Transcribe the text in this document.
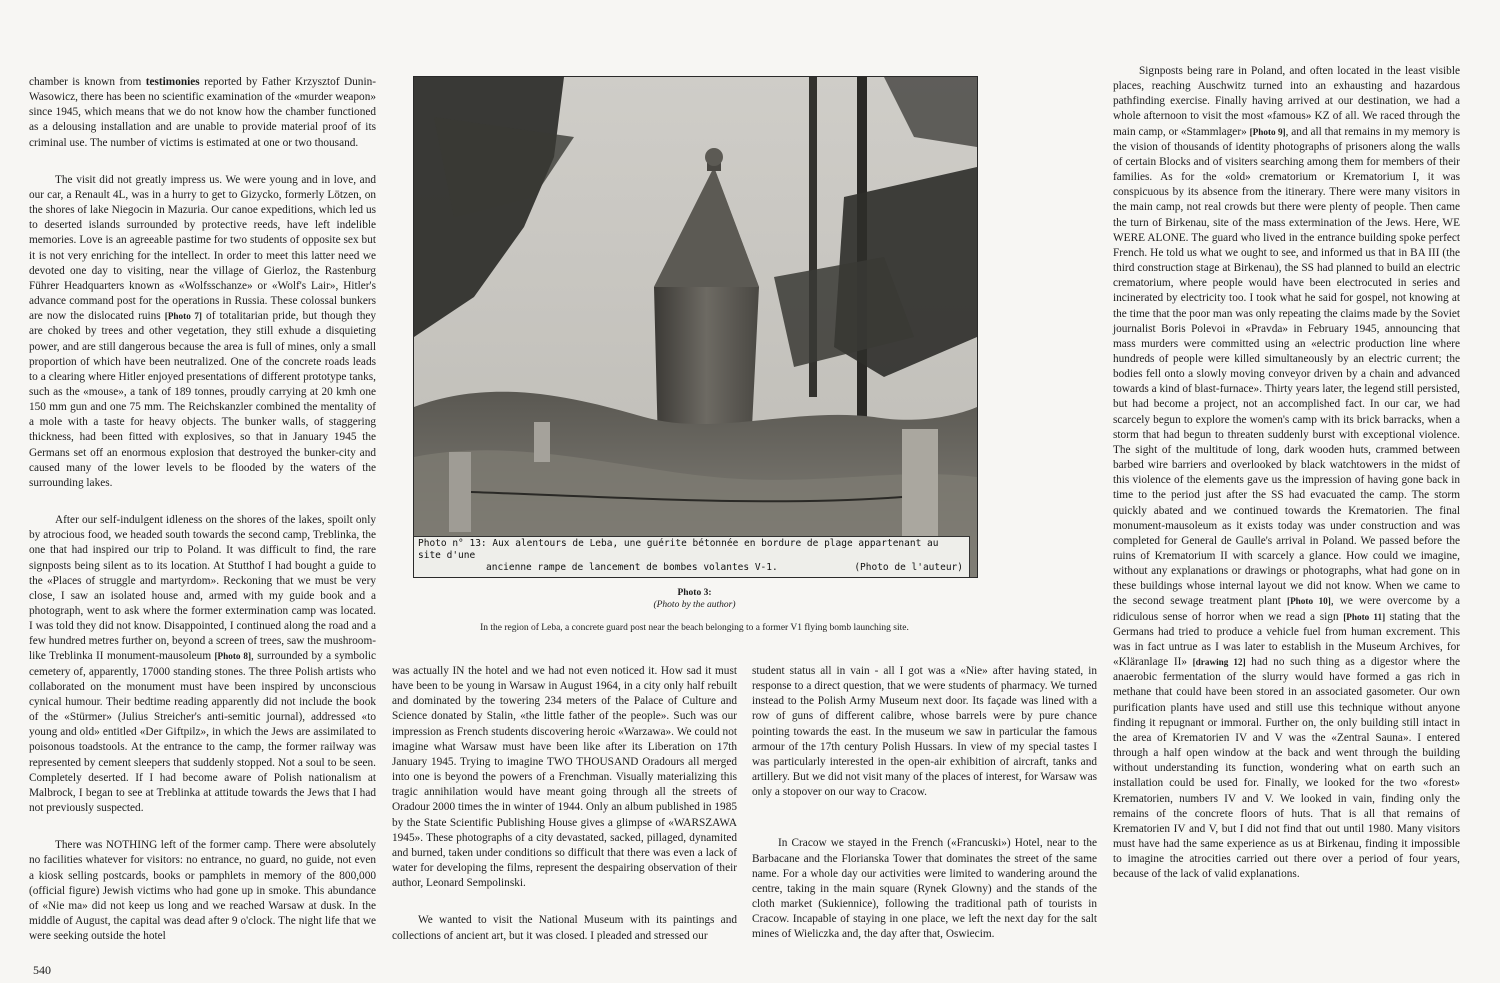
chamber is known from testimonies reported by Father Krzysztof Dunin-Wasowicz, there has been no scientific examination of the «murder weapon» since 1945, which means that we do not know how the chamber functioned as a delousing installation and are unable to provide material proof of its criminal use. The number of victims is estimated at one or two thousand.

The visit did not greatly impress us. We were young and in love, and our car, a Renault 4L, was in a hurry to get to Gizycko, formerly Lötzen, on the shores of lake Niegocin in Mazuria. Our canoe expeditions, which led us to deserted islands surrounded by protective reeds, have left indelible memories. Love is an agreeable pastime for two students of opposite sex but it is not very enriching for the intellect. In order to meet this latter need we devoted one day to visiting, near the village of Gierloz, the Rastenburg Führer Headquarters known as «Wolfsschanze» or «Wolf's Lair», Hitler's advance command post for the operations in Russia. These colossal bunkers are now the dislocated ruins [Photo 7] of totalitarian pride, but though they are choked by trees and other vegetation, they still exhude a disquieting power, and are still dangerous because the area is full of mines, only a small proportion of which have been neutralized. One of the concrete roads leads to a clearing where Hitler enjoyed presentations of different prototype tanks, such as the «mouse», a tank of 189 tonnes, proudly carrying at 20 kmh one 150 mm gun and one 75 mm. The Reichskanzler combined the mentality of a mole with a taste for heavy objects. The bunker walls, of staggering thickness, had been fitted with explosives, so that in January 1945 the Germans set off an enormous explosion that destroyed the bunker-city and caused many of the lower levels to be flooded by the waters of the surrounding lakes.

After our self-indulgent idleness on the shores of the lakes, spoilt only by atrocious food, we headed south towards the second camp, Treblinka, the one that had inspired our trip to Poland. It was difficult to find, the rare signposts being silent as to its location. At Stutthof I had bought a guide to the «Places of struggle and martyrdom». Reckoning that we must be very close, I saw an isolated house and, armed with my guide book and a photograph, went to ask where the former extermination camp was located. I was told they did not know. Disappointed, I continued along the road and a few hundred metres further on, beyond a screen of trees, saw the mushroom-like Treblinka II monument-mausoleum [Photo 8], surrounded by a symbolic cemetery of, apparently, 17000 standing stones. The three Polish artists who collaborated on the monument must have been inspired by unconscious cynical humour. Their bedtime reading apparently did not include the book of the «Stürmer» (Julius Streicher's anti-semitic journal), addressed «to young and old» entitled «Der Giftpilz», in which the Jews are assimilated to poisonous toadstools. At the entrance to the camp, the former railway was represented by cement sleepers that suddenly stopped. Not a soul to be seen. Completely deserted. If I had become aware of Polish nationalism at Malbrock, I began to see at Treblinka at attitude towards the Jews that I had not previously suspected.

There was NOTHING left of the former camp. There were absolutely no facilities whatever for visitors: no entrance, no guard, no guide, not even a kiosk selling postcards, books or pamphlets in memory of the 800,000 (official figure) Jewish victims who had gone up in smoke. This abundance of «Nie ma» did not keep us long and we reached Warsaw at dusk. In the middle of August, the capital was dead after 9 o'clock. The night life that we were seeking outside the hotel

Photo n° 13: Aux alentours de Leba, une guérite bétonnée en bordure de plage appartenant au site d'une
ancienne rampe de lancement de bombes volantes V-1.	(Photo de l'auteur)
Photo 3:
(Photo by the author)
In the region of Leba, a concrete guard post near the beach belonging to a former V1 flying bomb launching site.

was actually IN the hotel and we had not even noticed it. How sad it must have been to be young in Warsaw in August 1964, in a city only half rebuilt and dominated by the towering 234 meters of the Palace of Culture and Science donated by Stalin, «the little father of the people». Such was our impression as French students discovering heroic «Warzawa». We could not imagine what Warsaw must have been like after its Liberation on 17th January 1945. Trying to imagine TWO THOUSAND Oradours all merged into one is beyond the powers of a Frenchman. Visually materializing this tragic annihilation would have meant going through all the streets of Oradour 2000 times the in winter of 1944. Only an album published in 1985 by the State Scientific Publishing House gives a glimpse of «WARSZAWA 1945». These photographs of a city devastated, sacked, pillaged, dynamited and burned, taken under conditions so difficult that there was even a lack of water for developing the films, represent the despairing observation of their author, Leonard Sempolinski.

We wanted to visit the National Museum with its paintings and collections of ancient art, but it was closed. I pleaded and stressed our

student status all in vain - all I got was a «Nie» after having stated, in response to a direct question, that we were students of pharmacy. We turned instead to the Polish Army Museum next door. Its façade was lined with a row of guns of different calibre, whose barrels were by pure chance pointing towards the east. In the museum we saw in particular the famous armour of the 17th century Polish Hussars. In view of my special tastes I was particularly interested in the open-air exhibition of aircraft, tanks and artillery. But we did not visit many of the places of interest, for Warsaw was only a stopover on our way to Cracow.

In Cracow we stayed in the French («Francuski») Hotel, near to the Barbacane and the Florianska Tower that dominates the street of the same name. For a whole day our activities were limited to wandering around the centre, taking in the main square (Rynek Glowny) and the stands of the cloth market (Sukiennice), following the traditional path of tourists in Cracow. Incapable of staying in one place, we left the next day for the salt mines of Wieliczka and, the day after that, Oswiecim.

Signposts being rare in Poland, and often located in the least visible places, reaching Auschwitz turned into an exhausting and hazardous pathfinding exercise. Finally having arrived at our destination, we had a whole afternoon to visit the most «famous» KZ of all. We raced through the main camp, or «Stammlager» [Photo 9], and all that remains in my memory is the vision of thousands of identity photographs of prisoners along the walls of certain Blocks and of visiters searching among them for members of their families. As for the «old» crematorium or Krematorium I, it was conspicuous by its absence from the itinerary. There were many visitors in the main camp, not real crowds but there were plenty of people. Then came the turn of Birkenau, site of the mass extermination of the Jews. Here, WE WERE ALONE. The guard who lived in the entrance building spoke perfect French. He told us what we ought to see, and informed us that in BA III (the third construction stage at Birkenau), the SS had planned to build an electric crematorium, where people would have been electrocuted in series and incinerated by electricity too. I took what he said for gospel, not knowing at the time that the poor man was only repeating the claims made by the Soviet journalist Boris Polevoi in «Pravda» in February 1945, announcing that mass murders were committed using an «electric production line where hundreds of people were killed simultaneously by an electric current; the bodies fell onto a slowly moving conveyor driven by a chain and advanced towards a kind of blast-furnace». Thirty years later, the legend still persisted, but had become a project, not an accomplished fact. In our car, we had scarcely begun to explore the women's camp with its brick barracks, when a storm that had begun to threaten suddenly burst with exceptional violence. The sight of the multitude of long, dark wooden huts, crammed between barbed wire barriers and overlooked by black watchtowers in the midst of this violence of the elements gave us the impression of having gone back in time to the period just after the SS had evacuated the camp. The storm quickly abated and we continued towards the Krematorien. The final monument-mausoleum as it exists today was under construction and was completed for General de Gaulle's arrival in Poland. We passed before the ruins of Krematorium II with scarcely a glance. How could we imagine, without any explanations or drawings or photographs, what had gone on in these buildings whose internal layout we did not know. When we came to the second sewage treatment plant [Photo 10], we were overcome by a ridiculous sense of horror when we read a sign [Photo 11] stating that the Germans had tried to produce a vehicle fuel from human excrement. This was in fact untrue as I was later to establish in the Museum Archives, for «Kläranlage II» [drawing 12] had no such thing as a digestor where the anaerobic fermentation of the slurry would have formed a gas rich in methane that could have been stored in an associated gasometer. Our own purification plants have used and still use this technique without anyone finding it repugnant or immoral. Further on, the only building still intact in the area of Krematorien IV and V was the «Zentral Sauna». I entered through a half open window at the back and went through the building without understanding its function, wondering what on earth such an installation could be used for. Finally, we looked for the two «forest» Krematorien, numbers IV and V. We looked in vain, finding only the remains of the concrete floors of huts. That is all that remains of Krematorien IV and V, but I did not find that out until 1980. Many visitors must have had the same experience as us at Birkenau, finding it impossible to imagine the atrocities carried out there over a period of four years, because of the lack of valid explanations.

540
